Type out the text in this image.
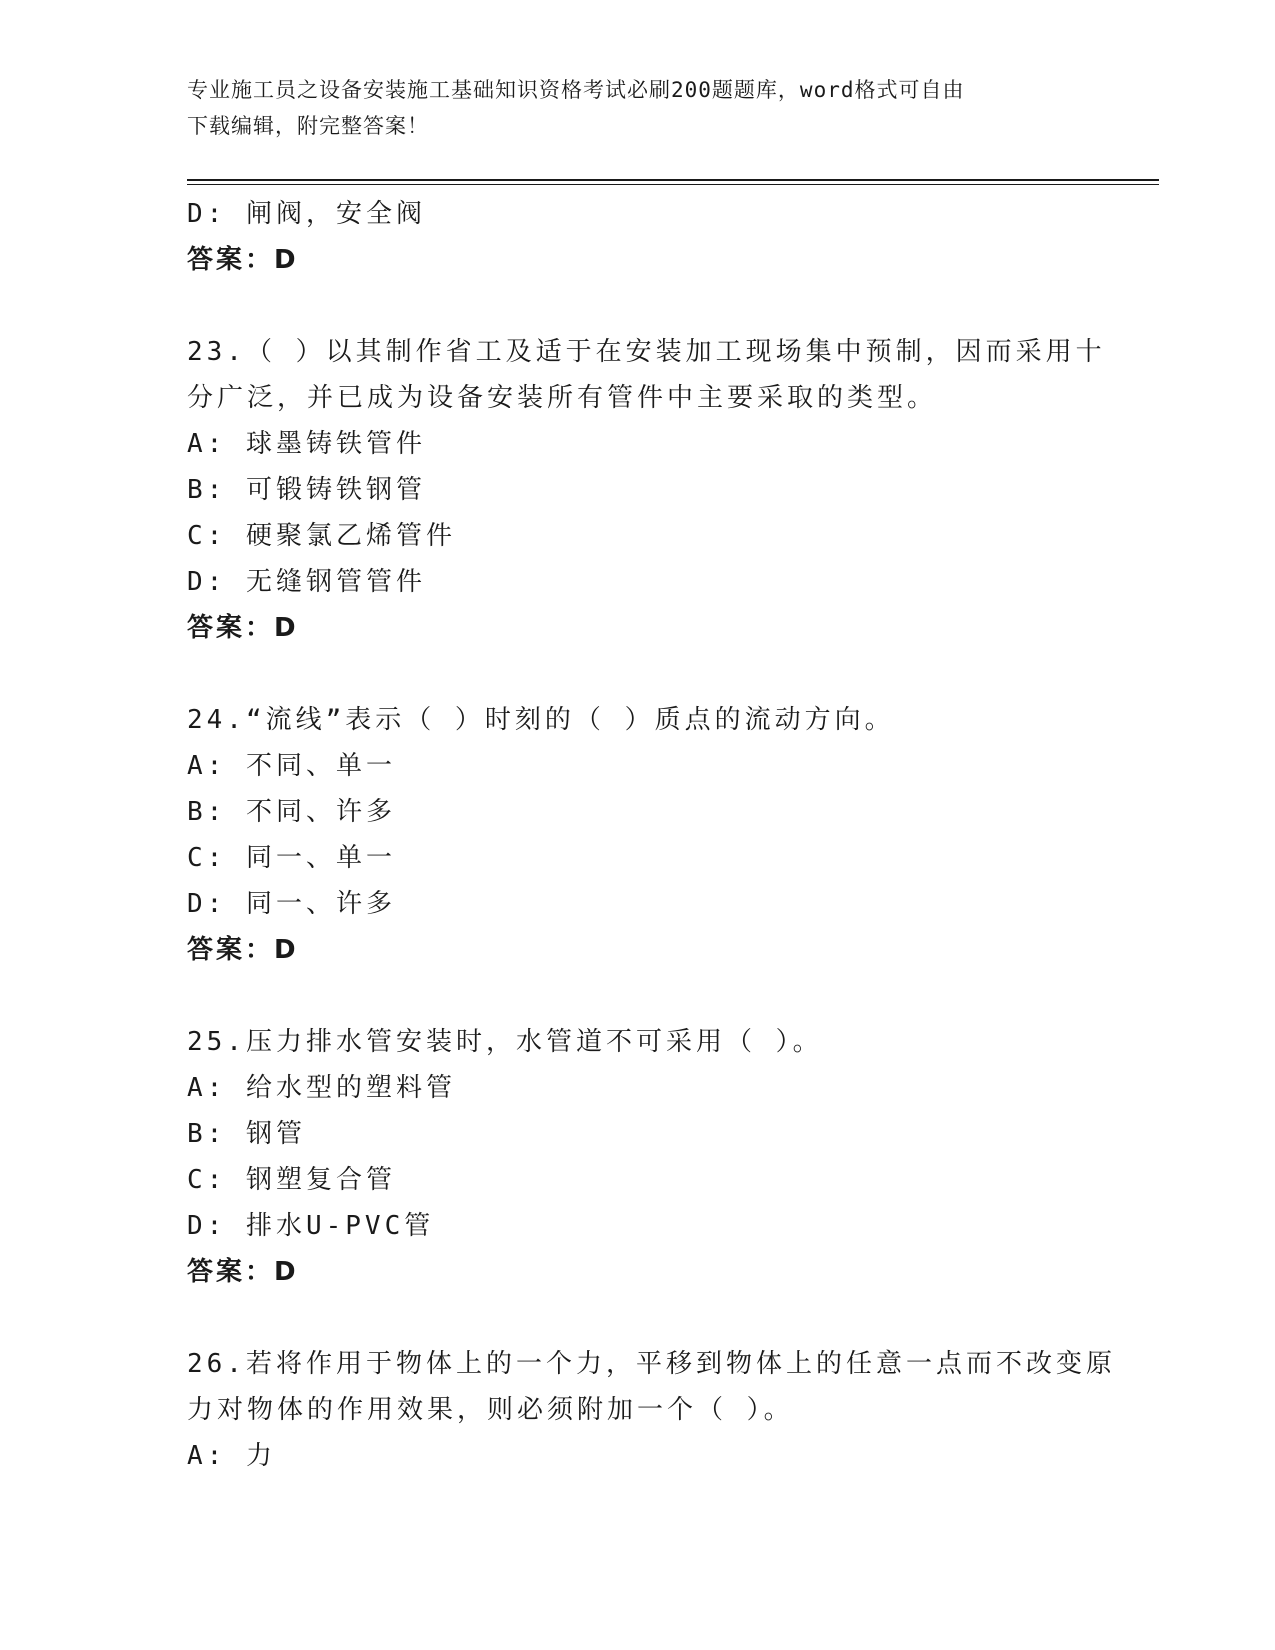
专业施工员之设备安装施工基础知识资格考试必刷200题题库，word格式可自由
下载编辑，附完整答案！
D: 闸阀，安全阀
答案：D
23.（ ）以其制作省工及适于在安装加工现场集中预制，因而采用十
分广泛，并已成为设备安装所有管件中主要采取的类型。
A: 球墨铸铁管件
B: 可锻铸铁钢管
C: 硬聚氯乙烯管件
D: 无缝钢管管件
答案：D
24.“流线”表示（ ）时刻的（ ）质点的流动方向。
A: 不同、单一
B: 不同、许多
C: 同一、单一
D: 同一、许多
答案：D
25.压力排水管安装时，水管道不可采用（ ）。
A: 给水型的塑料管
B: 钢管
C: 钢塑复合管
D: 排水U-PVC管
答案：D
26.若将作用于物体上的一个力，平移到物体上的任意一点而不改变原
力对物体的作用效果，则必须附加一个（ ）。
A: 力
